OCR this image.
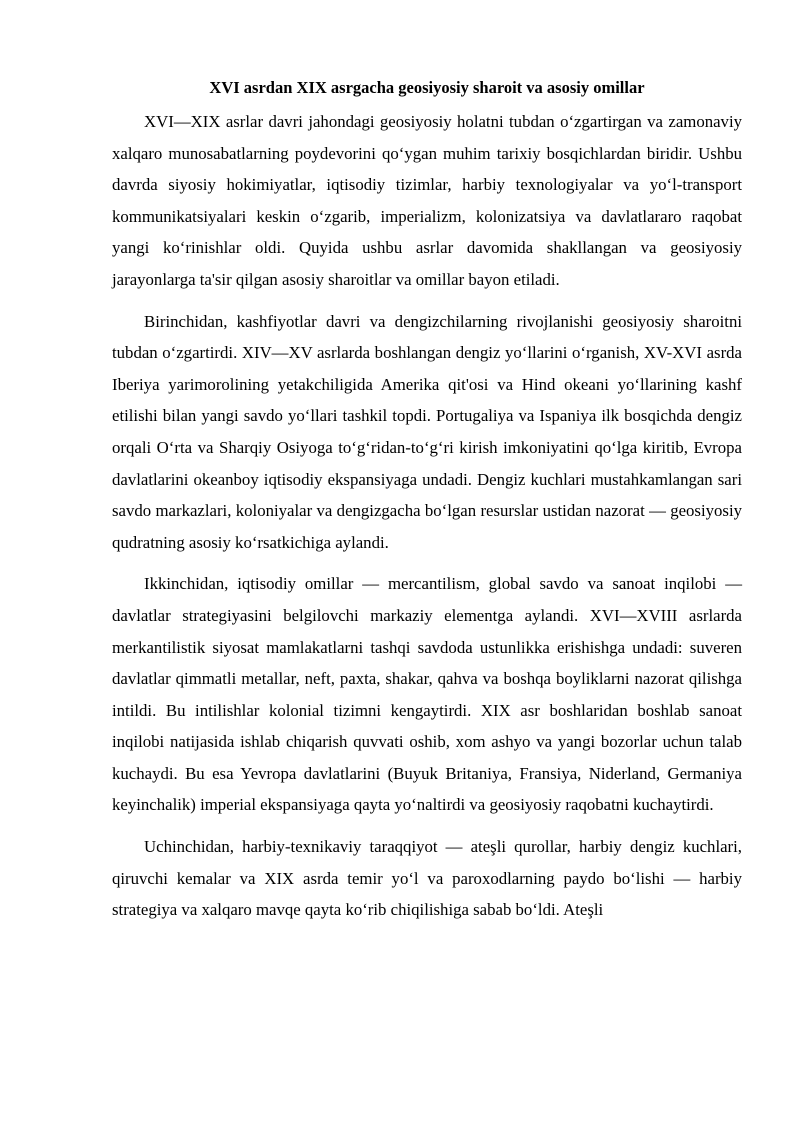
XVI asrdan XIX asrgacha geosiyosiy sharoit va asosiy omillar

XVI—XIX asrlar davri jahondagi geosiyosiy holatni tubdan o‘zgartirgan va zamonaviy xalqaro munosabatlarning poydevorini qo‘ygan muhim tarixiy bosqichlardan biridir. Ushbu davrda siyosiy hokimiyatlar, iqtisodiy tizimlar, harbiy texnologiyalar va yo‘l-transport kommunikatsiyalari keskin o‘zgarib, imperializm, kolonizatsiya va davlatlararo raqobat yangi ko‘rinishlar oldi. Quyida ushbu asrlar davomida shakllangan va geosiyosiy jarayonlarga ta'sir qilgan asosiy sharoitlar va omillar bayon etiladi.

Birinchidan, kashfiyotlar davri va dengizchilarning rivojlanishi geosiyosiy sharoitni tubdan o‘zgartirdi. XIV—XV asrlarda boshlangan dengiz yo‘llarini o‘rganish, XV-XVI asrda Iberiya yarimorolining yetakchiligida Amerika qit'osi va Hind okeani yo‘llarining kashf etilishi bilan yangi savdo yo‘llari tashkil topdi. Portugaliya va Ispaniya ilk bosqichda dengiz orqali O‘rta va Sharqiy Osiyoga to‘g‘ridan-to‘g‘ri kirish imkoniyatini qo‘lga kiritib, Evropa davlatlarini okeanboy iqtisodiy ekspansiyaga undadi. Dengiz kuchlari mustahkamlangan sari savdo markazlari, koloniyalar va dengizgacha bo‘lgan resurslar ustidan nazorat — geosiyosiy qudratning asosiy ko‘rsatkichiga aylandi.

Ikkinchidan, iqtisodiy omillar — mercantilism, global savdo va sanoat inqilobi — davlatlar strategiyasini belgilovchi markaziy elementga aylandi. XVI—XVIII asrlarda merkantilistik siyosat mamlakatlarni tashqi savdoda ustunlikka erishishga undadi: suveren davlatlar qimmatli metallar, neft, paxta, shakar, qahva va boshqa boyliklarni nazorat qilishga intildi. Bu intilishlar kolonial tizimni kengaytirdi. XIX asr boshlaridan boshlab sanoat inqilobi natijasida ishlab chiqarish quvvati oshib, xom ashyo va yangi bozorlar uchun talab kuchaydi. Bu esa Yevropa davlatlarini (Buyuk Britaniya, Fransiya, Niderland, Germaniya keyinchalik) imperial ekspansiyaga qayta yo‘naltirdi va geosiyosiy raqobatni kuchaytirdi.

Uchinchidan, harbiy-texnikaviy taraqqiyot — ateşli qurollar, harbiy dengiz kuchlari, qiruvchi kemalar va XIX asrda temir yo‘l va paroxodlarning paydo bo‘lishi — harbiy strategiya va xalqaro mavqe qayta ko‘rib chiqilishiga sabab bo‘ldi. Ateşli
